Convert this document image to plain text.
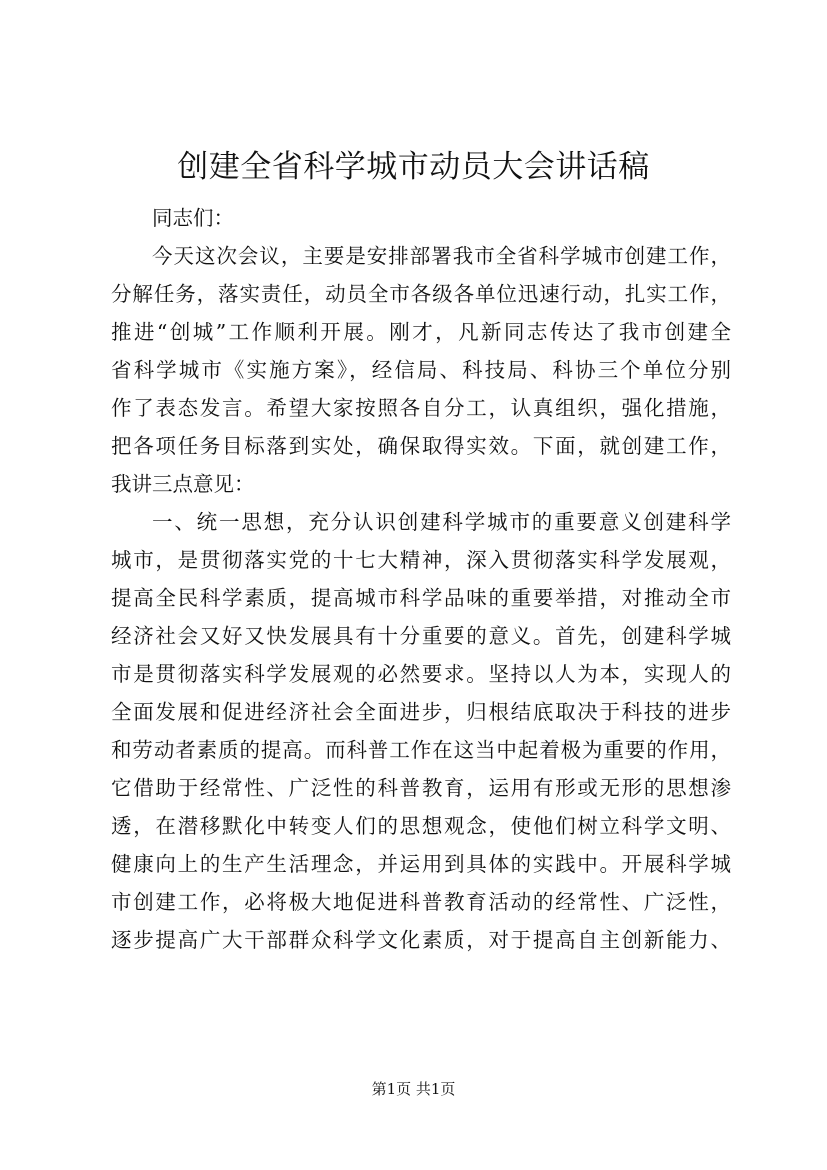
创建全省科学城市动员大会讲话稿
同志们：
今天这次会议，主要是安排部署我市全省科学城市创建工作，
分解任务，落实责任，动员全市各级各单位迅速行动，扎实工作，
推进“创城”工作顺利开展。刚才，凡新同志传达了我市创建全
省科学城市《实施方案》，经信局、科技局、科协三个单位分别
作了表态发言。希望大家按照各自分工，认真组织，强化措施，
把各项任务目标落到实处，确保取得实效。下面，就创建工作，
我讲三点意见：
一、统一思想，充分认识创建科学城市的重要意义创建科学
城市，是贯彻落实党的十七大精神，深入贯彻落实科学发展观，
提高全民科学素质，提高城市科学品味的重要举措，对推动全市
经济社会又好又快发展具有十分重要的意义。首先，创建科学城
市是贯彻落实科学发展观的必然要求。坚持以人为本，实现人的
全面发展和促进经济社会全面进步，归根结底取决于科技的进步
和劳动者素质的提高。而科普工作在这当中起着极为重要的作用，
它借助于经常性、广泛性的科普教育，运用有形或无形的思想渗
透，在潜移默化中转变人们的思想观念，使他们树立科学文明、
健康向上的生产生活理念，并运用到具体的实践中。开展科学城
市创建工作，必将极大地促进科普教育活动的经常性、广泛性，
逐步提高广大干部群众科学文化素质，对于提高自主创新能力、
第1页 共1页
